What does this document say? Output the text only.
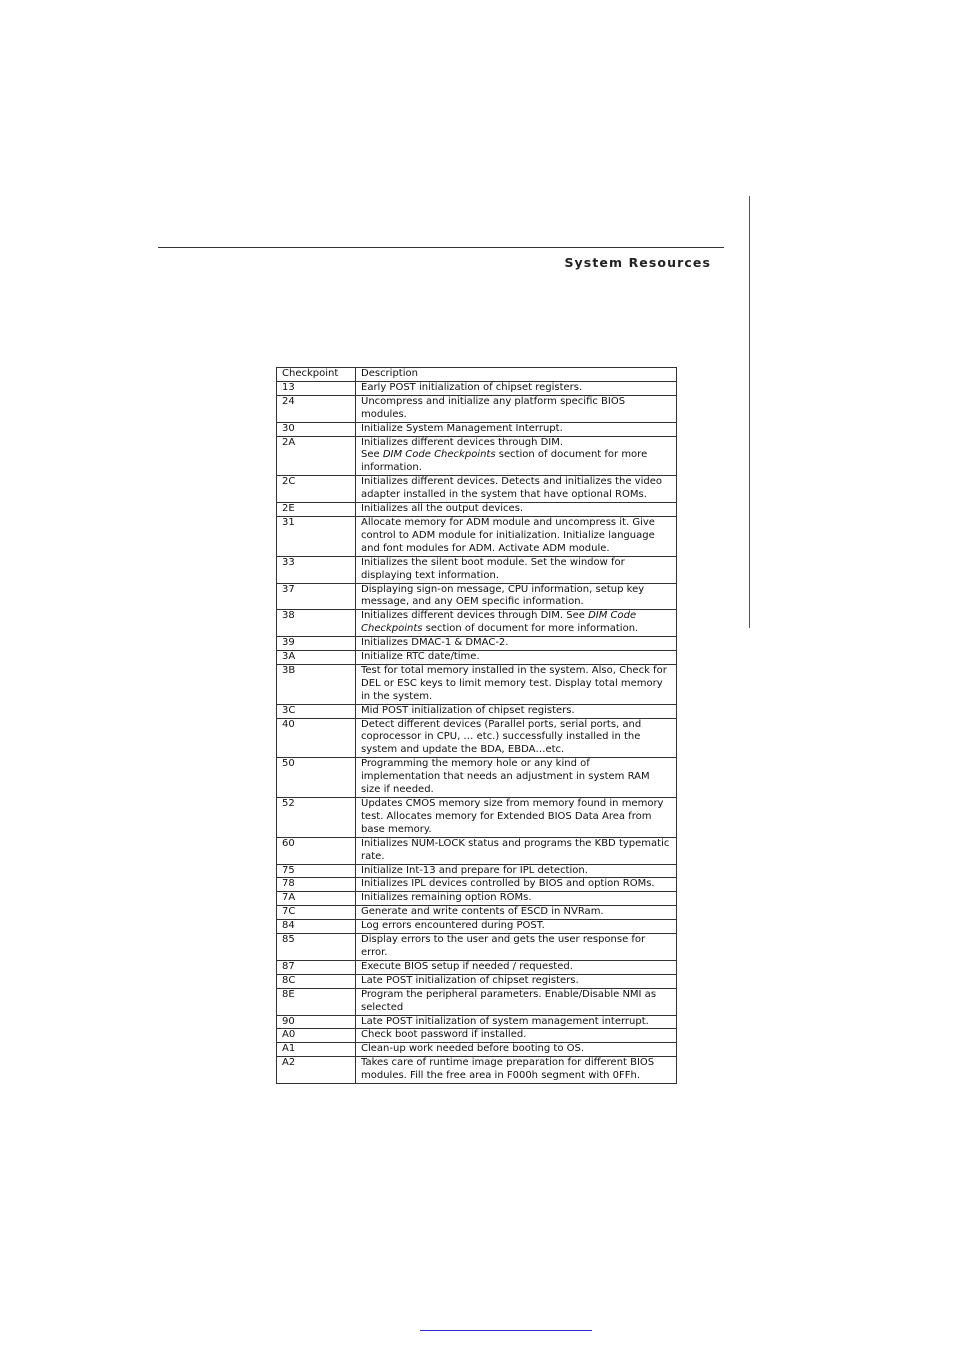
System Resources
Checkpoint	Description
13	Early POST initialization of chipset registers.
24	Uncompress and initialize any platform specific BIOS modules.
30	Initialize System Management Interrupt.
2A	Initializes different devices through DIM.
See DIM Code Checkpoints section of document for more information.
2C	Initializes different devices. Detects and initializes the video adapter installed in the system that have optional ROMs.
2E	Initializes all the output devices.
31	Allocate memory for ADM module and uncompress it. Give control to ADM module for initialization. Initialize language and font modules for ADM. Activate ADM module.
33	Initializes the silent boot module. Set the window for displaying text information.
37	Displaying sign-on message, CPU information, setup key message, and any OEM specific information.
38	Initializes different devices through DIM. See DIM Code Checkpoints section of document for more information.
39	Initializes DMAC-1 & DMAC-2.
3A	Initialize RTC date/time.
3B	Test for total memory installed in the system. Also, Check for DEL or ESC keys to limit memory test. Display total memory in the system.
3C	Mid POST initialization of chipset registers.
40	Detect different devices (Parallel ports, serial ports, and coprocessor in CPU, … etc.) successfully installed in the system and update the BDA, EBDA…etc.
50	Programming the memory hole or any kind of implementation that needs an adjustment in system RAM size if needed.
52	Updates CMOS memory size from memory found in memory test. Allocates memory for Extended BIOS Data Area from base memory.
60	Initializes NUM-LOCK status and programs the KBD typematic rate.
75	Initialize Int-13 and prepare for IPL detection.
78	Initializes IPL devices controlled by BIOS and option ROMs.
7A	Initializes remaining option ROMs.
7C	Generate and write contents of ESCD in NVRam.
84	Log errors encountered during POST.
85	Display errors to the user and gets the user response for error.
87	Execute BIOS setup if needed / requested.
8C	Late POST initialization of chipset registers.
8E	Program the peripheral parameters. Enable/Disable NMI as selected
90	Late POST initialization of system management interrupt.
A0	Check boot password if installed.
A1	Clean-up work needed before booting to OS.
A2	Takes care of runtime image preparation for different BIOS modules. Fill the free area in F000h segment with 0FFh.
